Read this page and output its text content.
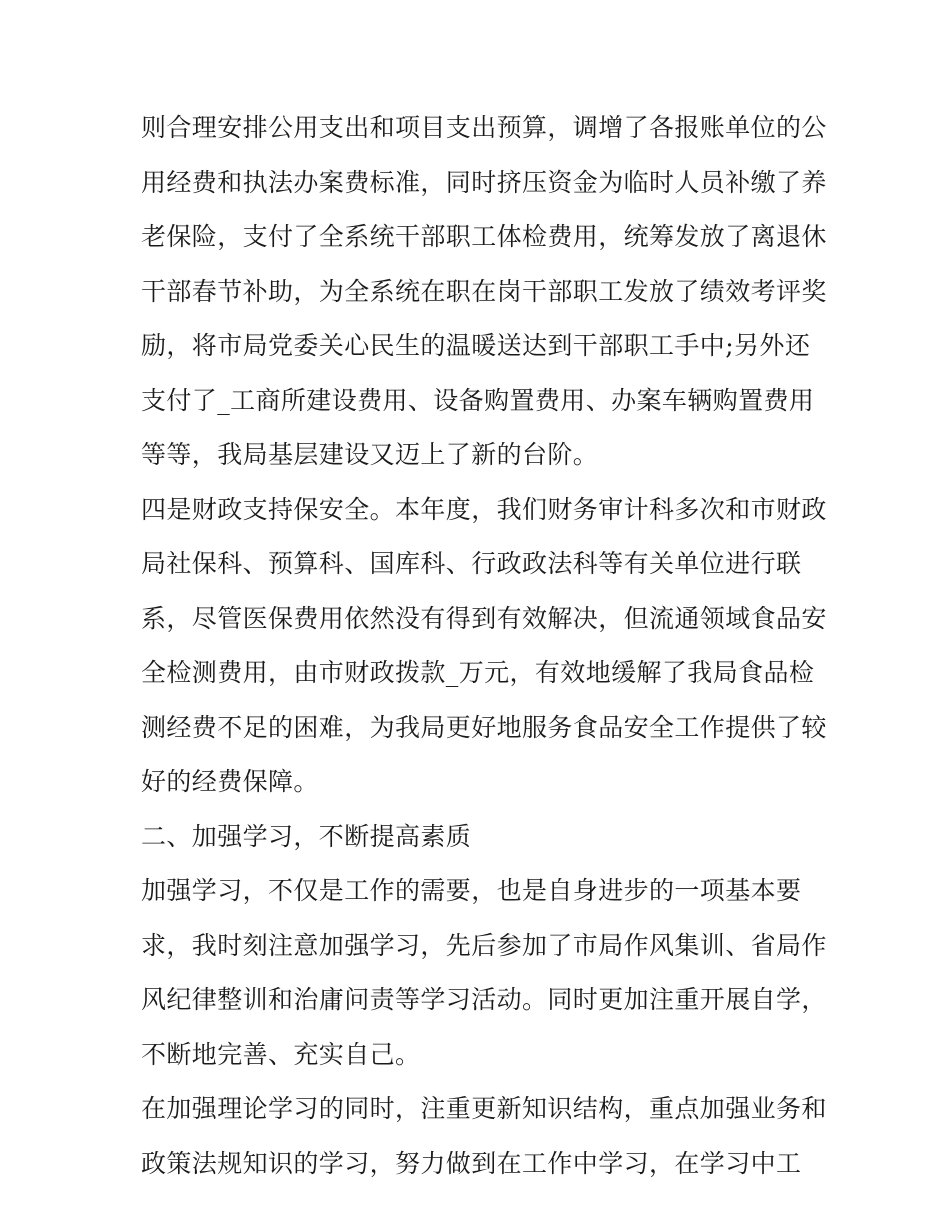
则合理安排公用支出和项目支出预算，调增了各报账单位的公
用经费和执法办案费标准，同时挤压资金为临时人员补缴了养
老保险，支付了全系统干部职工体检费用，统筹发放了离退休
干部春节补助，为全系统在职在岗干部职工发放了绩效考评奖
励，将市局党委关心民生的温暖送达到干部职工手中;另外还
支付了_工商所建设费用、设备购置费用、办案车辆购置费用
等等，我局基层建设又迈上了新的台阶。
四是财政支持保安全。本年度，我们财务审计科多次和市财政
局社保科、预算科、国库科、行政政法科等有关单位进行联
系，尽管医保费用依然没有得到有效解决，但流通领域食品安
全检测费用，由市财政拨款_万元，有效地缓解了我局食品检
测经费不足的困难，为我局更好地服务食品安全工作提供了较
好的经费保障。
二、加强学习，不断提高素质
加强学习，不仅是工作的需要，也是自身进步的一项基本要
求，我时刻注意加强学习，先后参加了市局作风集训、省局作
风纪律整训和治庸问责等学习活动。同时更加注重开展自学，
不断地完善、充实自己。
在加强理论学习的同时，注重更新知识结构，重点加强业务和
政策法规知识的学习，努力做到在工作中学习，在学习中工
